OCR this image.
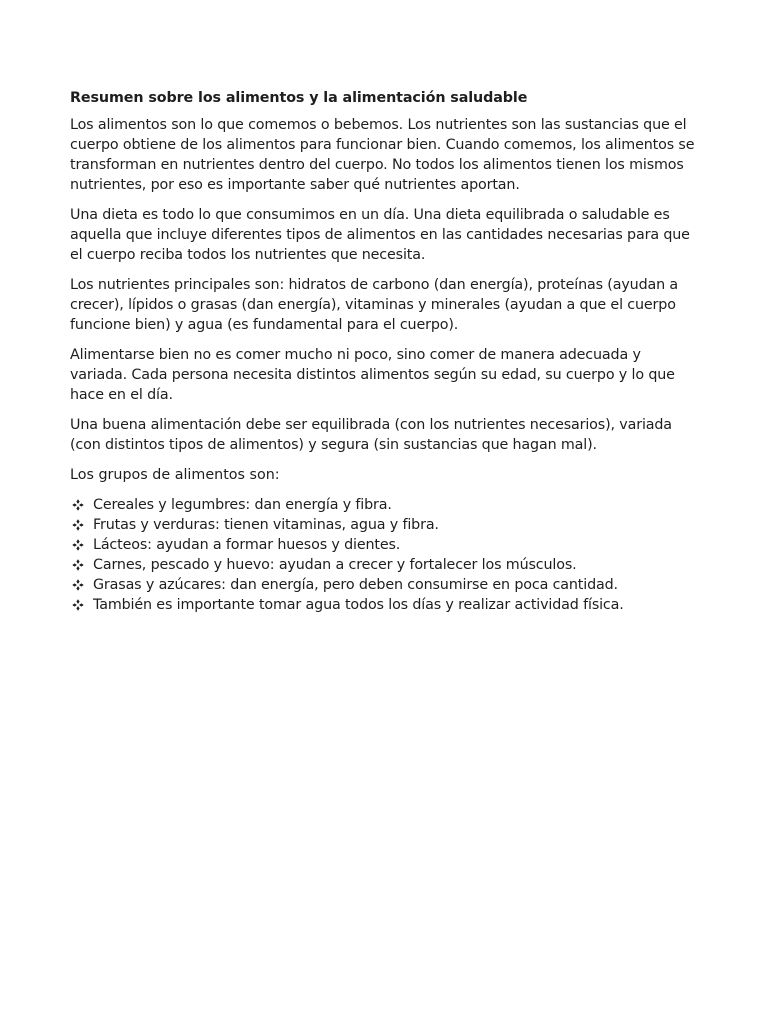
Resumen sobre los alimentos y la alimentación saludable

Los alimentos son lo que comemos o bebemos. Los nutrientes son las sustancias que el cuerpo obtiene de los alimentos para funcionar bien. Cuando comemos, los alimentos se transforman en nutrientes dentro del cuerpo. No todos los alimentos tienen los mismos nutrientes, por eso es importante saber qué nutrientes aportan.

Una dieta es todo lo que consumimos en un día. Una dieta equilibrada o saludable es aquella que incluye diferentes tipos de alimentos en las cantidades necesarias para que el cuerpo reciba todos los nutrientes que necesita.

Los nutrientes principales son: hidratos de carbono (dan energía), proteínas (ayudan a crecer), lípidos o grasas (dan energía), vitaminas y minerales (ayudan a que el cuerpo funcione bien) y agua (es fundamental para el cuerpo).

Alimentarse bien no es comer mucho ni poco, sino comer de manera adecuada y variada. Cada persona necesita distintos alimentos según su edad, su cuerpo y lo que hace en el día.

Una buena alimentación debe ser equilibrada (con los nutrientes necesarios), variada (con distintos tipos de alimentos) y segura (sin sustancias que hagan mal).

Los grupos de alimentos son:

Cereales y legumbres: dan energía y fibra.
Frutas y verduras: tienen vitaminas, agua y fibra.
Lácteos: ayudan a formar huesos y dientes.
Carnes, pescado y huevo: ayudan a crecer y fortalecer los músculos.
Grasas y azúcares: dan energía, pero deben consumirse en poca cantidad.
También es importante tomar agua todos los días y realizar actividad física.
